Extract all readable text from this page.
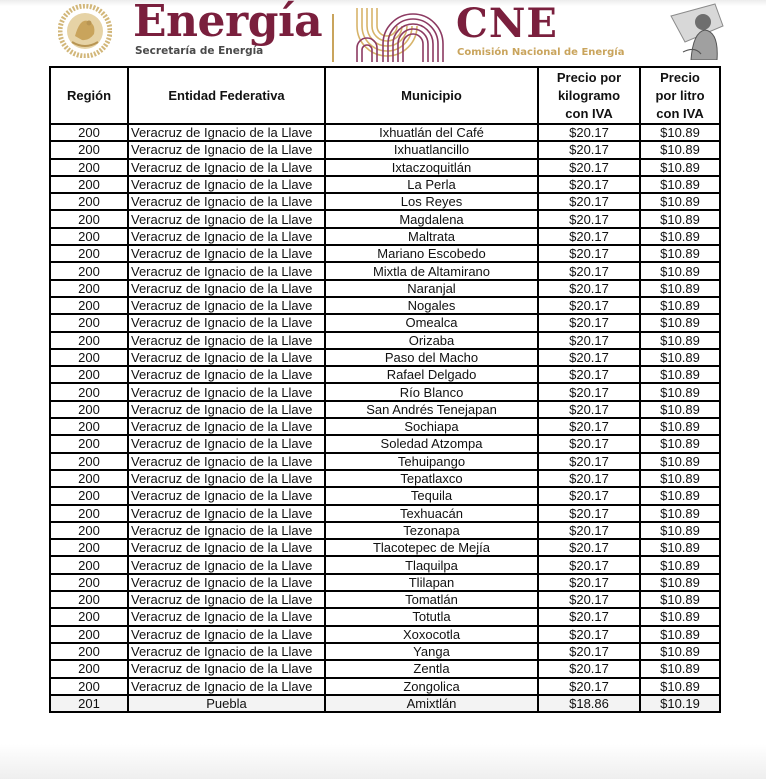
Energía
Secretaría de Energía
CNE
Comisión Nacional de Energía
Región	Entidad Federativa	Municipio	Precio por kilogramo con IVA	Precio por litro con IVA
200	Veracruz de Ignacio de la Llave	Ixhuatlán del Café	$20.17	$10.89
200	Veracruz de Ignacio de la Llave	Ixhuatlancillo	$20.17	$10.89
200	Veracruz de Ignacio de la Llave	Ixtaczoquitlán	$20.17	$10.89
200	Veracruz de Ignacio de la Llave	La Perla	$20.17	$10.89
200	Veracruz de Ignacio de la Llave	Los Reyes	$20.17	$10.89
200	Veracruz de Ignacio de la Llave	Magdalena	$20.17	$10.89
200	Veracruz de Ignacio de la Llave	Maltrata	$20.17	$10.89
200	Veracruz de Ignacio de la Llave	Mariano Escobedo	$20.17	$10.89
200	Veracruz de Ignacio de la Llave	Mixtla de Altamirano	$20.17	$10.89
200	Veracruz de Ignacio de la Llave	Naranjal	$20.17	$10.89
200	Veracruz de Ignacio de la Llave	Nogales	$20.17	$10.89
200	Veracruz de Ignacio de la Llave	Omealca	$20.17	$10.89
200	Veracruz de Ignacio de la Llave	Orizaba	$20.17	$10.89
200	Veracruz de Ignacio de la Llave	Paso del Macho	$20.17	$10.89
200	Veracruz de Ignacio de la Llave	Rafael Delgado	$20.17	$10.89
200	Veracruz de Ignacio de la Llave	Río Blanco	$20.17	$10.89
200	Veracruz de Ignacio de la Llave	San Andrés Tenejapan	$20.17	$10.89
200	Veracruz de Ignacio de la Llave	Sochiapa	$20.17	$10.89
200	Veracruz de Ignacio de la Llave	Soledad Atzompa	$20.17	$10.89
200	Veracruz de Ignacio de la Llave	Tehuipango	$20.17	$10.89
200	Veracruz de Ignacio de la Llave	Tepatlaxco	$20.17	$10.89
200	Veracruz de Ignacio de la Llave	Tequila	$20.17	$10.89
200	Veracruz de Ignacio de la Llave	Texhuacán	$20.17	$10.89
200	Veracruz de Ignacio de la Llave	Tezonapa	$20.17	$10.89
200	Veracruz de Ignacio de la Llave	Tlacotepec de Mejía	$20.17	$10.89
200	Veracruz de Ignacio de la Llave	Tlaquilpa	$20.17	$10.89
200	Veracruz de Ignacio de la Llave	Tlilapan	$20.17	$10.89
200	Veracruz de Ignacio de la Llave	Tomatlán	$20.17	$10.89
200	Veracruz de Ignacio de la Llave	Totutla	$20.17	$10.89
200	Veracruz de Ignacio de la Llave	Xoxocotla	$20.17	$10.89
200	Veracruz de Ignacio de la Llave	Yanga	$20.17	$10.89
200	Veracruz de Ignacio de la Llave	Zentla	$20.17	$10.89
200	Veracruz de Ignacio de la Llave	Zongolica	$20.17	$10.89
201	Puebla	Amixtlán	$18.86	$10.19
